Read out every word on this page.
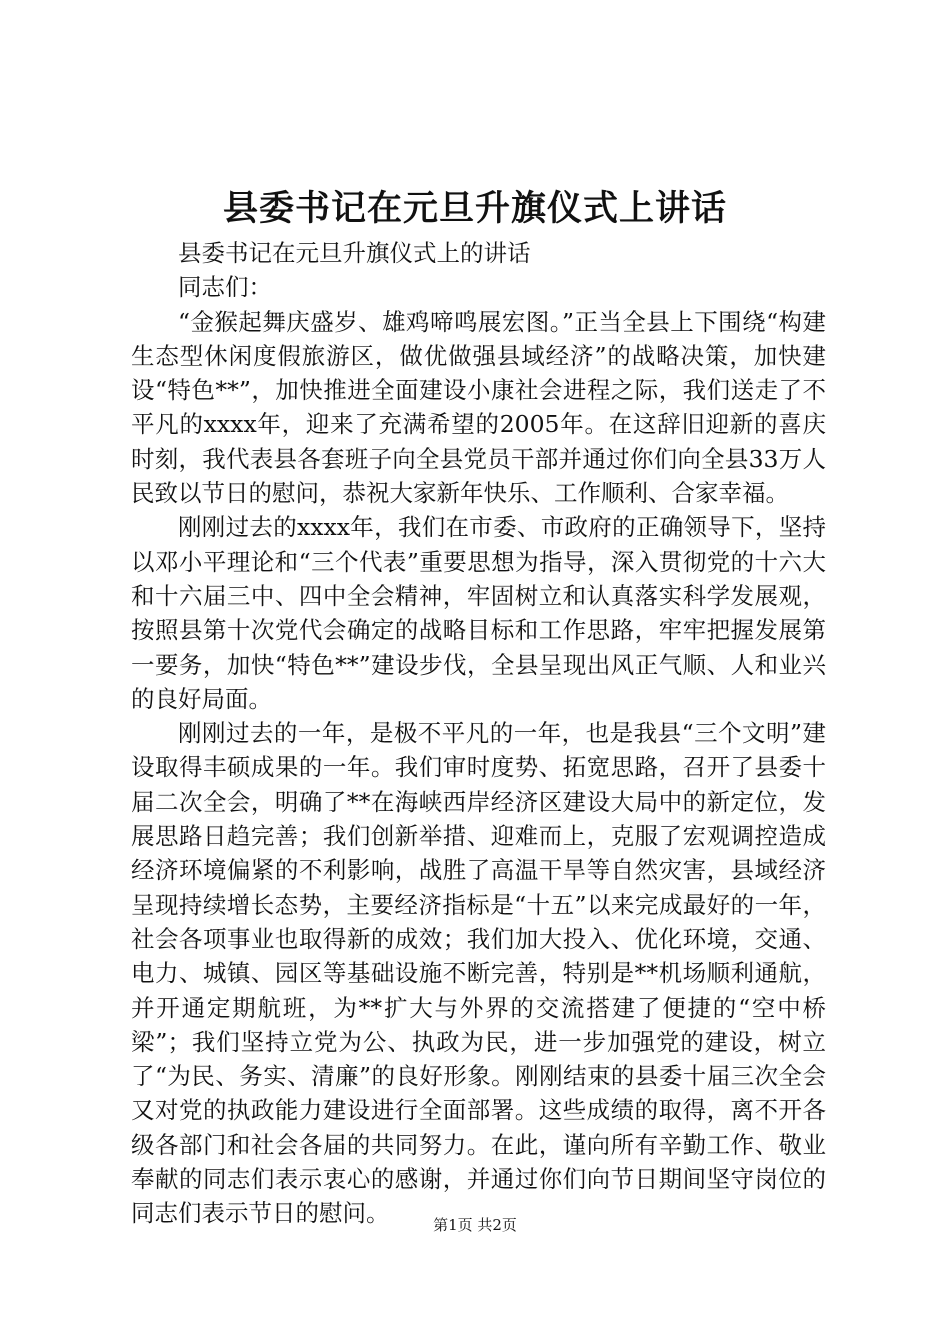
县委书记在元旦升旗仪式上讲话

县委书记在元旦升旗仪式上的讲话

同志们：

“金猴起舞庆盛岁、雄鸡啼鸣展宏图。”正当全县上下围绕“构建生态型休闲度假旅游区，做优做强县域经济”的战略决策，加快建设“特色**”，加快推进全面建设小康社会进程之际，我们送走了不平凡的xxxx年，迎来了充满希望的2005年。在这辞旧迎新的喜庆时刻，我代表县各套班子向全县党员干部并通过你们向全县33万人民致以节日的慰问，恭祝大家新年快乐、工作顺利、合家幸福。

刚刚过去的xxxx年，我们在市委、市政府的正确领导下，坚持以邓小平理论和“三个代表”重要思想为指导，深入贯彻党的十六大和十六届三中、四中全会精神，牢固树立和认真落实科学发展观，按照县第十次党代会确定的战略目标和工作思路，牢牢把握发展第一要务，加快“特色**”建设步伐，全县呈现出风正气顺、人和业兴的良好局面。

刚刚过去的一年，是极不平凡的一年，也是我县“三个文明”建设取得丰硕成果的一年。我们审时度势、拓宽思路，召开了县委十届二次全会，明确了**在海峡西岸经济区建设大局中的新定位，发展思路日趋完善；我们创新举措、迎难而上，克服了宏观调控造成经济环境偏紧的不利影响，战胜了高温干旱等自然灾害，县域经济呈现持续增长态势，主要经济指标是“十五”以来完成最好的一年，社会各项事业也取得新的成效；我们加大投入、优化环境，交通、电力、城镇、园区等基础设施不断完善，特别是**机场顺利通航，并开通定期航班，为**扩大与外界的交流搭建了便捷的“空中桥梁”；我们坚持立党为公、执政为民，进一步加强党的建设，树立了“为民、务实、清廉”的良好形象。刚刚结束的县委十届三次全会又对党的执政能力建设进行全面部署。这些成绩的取得，离不开各级各部门和社会各届的共同努力。在此，谨向所有辛勤工作、敬业奉献的同志们表示衷心的感谢，并通过你们向节日期间坚守岗位的同志们表示节日的慰问。	第1页 共2页
